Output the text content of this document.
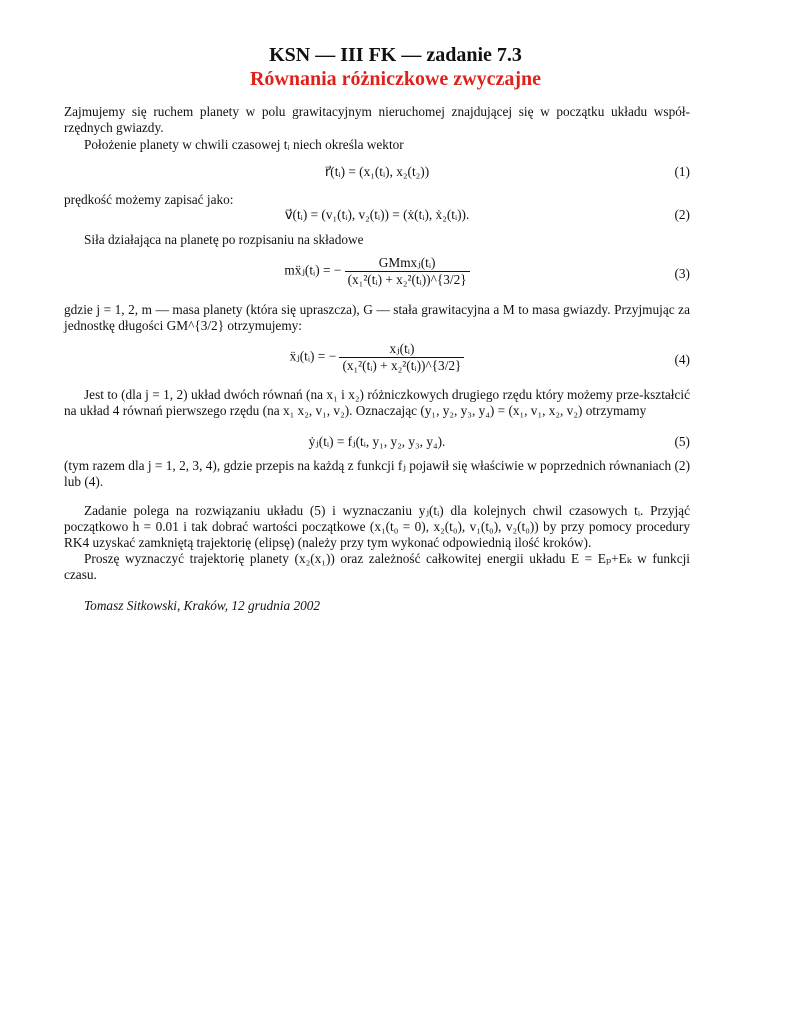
KSN — III FK — zadanie 7.3
Równania różniczkowe zwyczajne
Zajmujemy się ruchem planety w polu grawitacyjnym nieruchomej znajdującej się w początku układu współ-rzędnych gwiazdy.
Położenie planety w chwili czasowej tᵢ niech określa wektor
r⃗(tᵢ) = (x₁(tᵢ), x₂(t₂))	(1)
prędkość możemy zapisać jako:
v⃗(tᵢ) = (v₁(tᵢ), v₂(tᵢ)) = (ẋ(tᵢ), ẋ₂(tᵢ)).	(2)
Siła działająca na planetę po rozpisaniu na składowe
mẍⱼ(tᵢ) = − $\frac{\text{GMmxⱼ(tᵢ)}}{\text{(x₁²(tᵢ) + x₂²(tᵢ))\textasciicircum{}\{3/2\}}}$	(3)
gdzie j = 1, 2, m — masa planety (która się upraszcza), G — stała grawitacyjna a M to masa gwiazdy. Przyjmując za jednostkę długości GM^{3/2} otrzymujemy:
ẍⱼ(tᵢ) = − $\frac{\text{xⱼ(tᵢ)}}{\text{(x₁²(tᵢ) + x₂²(tᵢ))\textasciicircum{}\{3/2\}}}$	(4)
Jest to (dla j = 1, 2) układ dwóch równań (na x₁ i x₂) różniczkowych drugiego rzędu który możemy prze-kształcić na układ 4 równań pierwszego rzędu (na x₁ x₂, v₁, v₂). Oznaczając (y₁, y₂, y₃, y₄) = (x₁, v₁, x₂, v₂) otrzymamy
ẏⱼ(tᵢ) = fⱼ(tᵢ, y₁, y₂, y₃, y₄).	(5)
(tym razem dla j = 1, 2, 3, 4), gdzie przepis na każdą z funkcji fⱼ pojawił się właściwie w poprzednich równaniach (2) lub (4).
Zadanie polega na rozwiązaniu układu (5) i wyznaczaniu yⱼ(tᵢ) dla kolejnych chwil czasowych tᵢ. Przyjąć początkowo h = 0.01 i tak dobrać wartości początkowe (x₁(t₀ = 0), x₂(t₀), v₁(t₀), v₂(t₀)) by przy pomocy procedury RK4 uzyskać zamkniętą trajektorię (elipsę) (należy przy tym wykonać odpowiednią ilość kroków).
Proszę wyznaczyć trajektorię planety (x₂(x₁)) oraz zależność całkowitej energii układu E = Eₚ+Eₖ w funkcji czasu.
Tomasz Sitkowski, Kraków, 12 grudnia 2002
